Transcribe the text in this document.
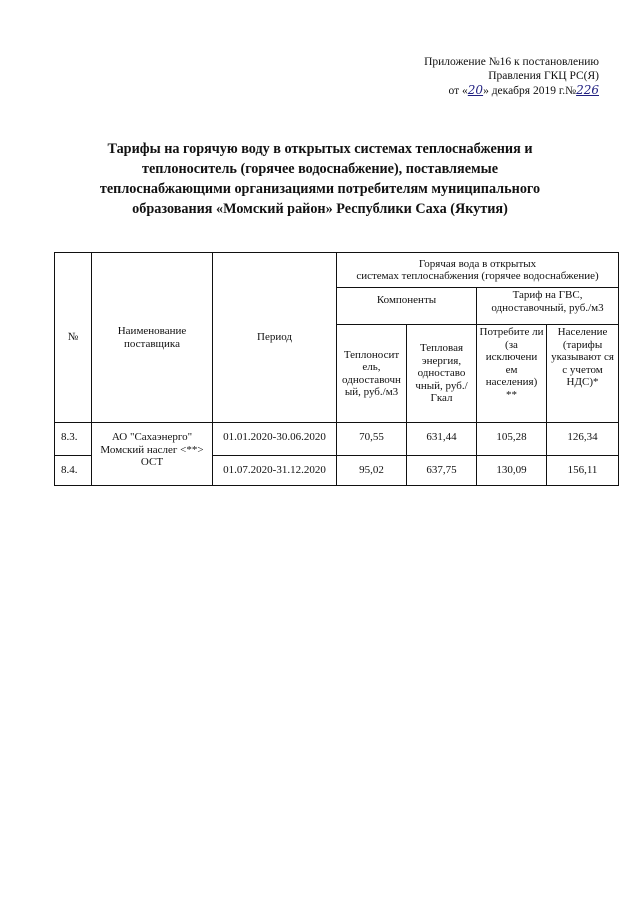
Приложение №16 к постановлению
Правления ГКЦ РС(Я)
от «20» декабря 2019 г.№226
Тарифы на горячую воду в открытых системах теплоснабжения и теплоноситель (горячее водоснабжение), поставляемые теплоснабжающими организациями потребителям муниципального образования «Момский район» Республики Саха (Якутия)
№	Наименование поставщика	Период	Горячая вода в открытых
системах теплоснабжения (горячее водоснабжение)			

			Компоненты		Тариф на ГВС, одноставочный, руб./м3	
			Теплоносит ель, одноставочн ый, руб./м3	Тепловая энергия, одноставо чный, руб./Гкал	Потребите ли (за исключени ем населения) **	Население (тарифы указывают ся с учетом НДС)*
8.3.	АО "Сахаэнерго" Момский наслег <**> ОСТ	01.01.2020-30.06.2020	70,55	631,44	105,28	126,34
8.4.		01.07.2020-31.12.2020	95,02	637,75	130,09	156,11
